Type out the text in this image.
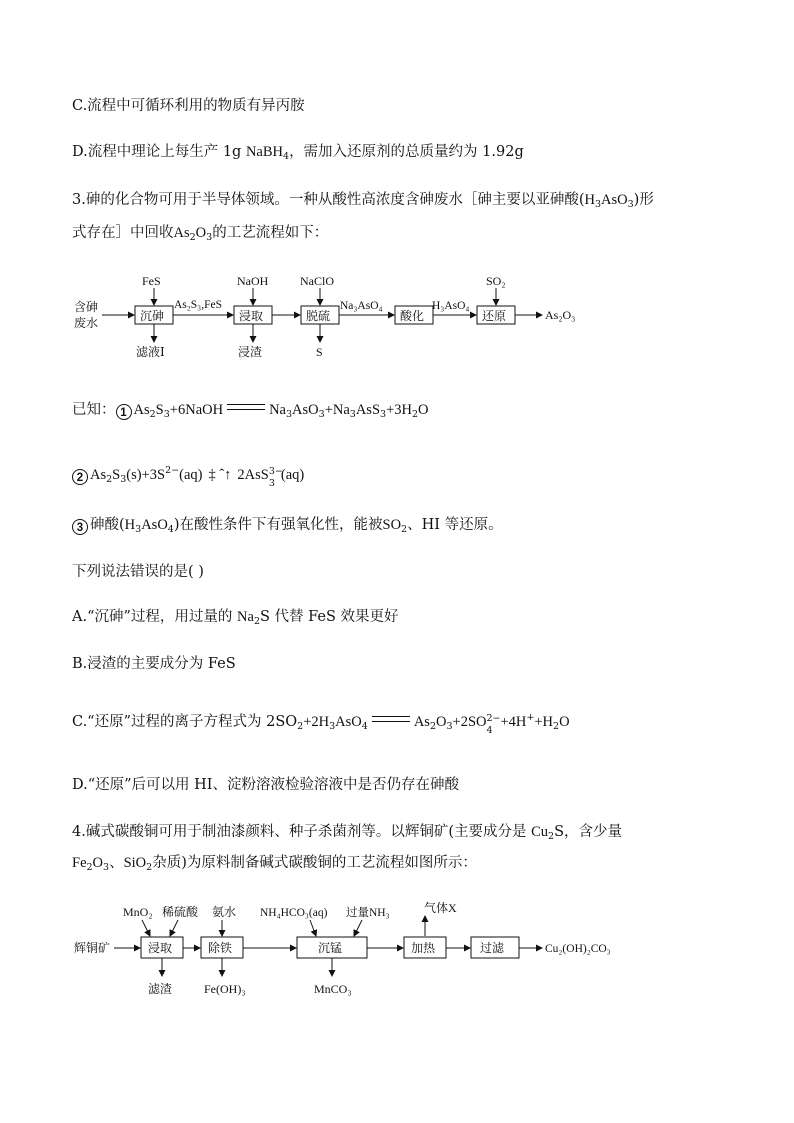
C.流程中可循环利用的物质有异丙胺

D.流程中理论上每生产 1g NaBH$_4$，需加入还原剂的总质量约为 1.92g

3.砷的化合物可用于半导体领域。一种从酸性高浓度含砷废水［砷主要以亚砷酸$(H_3AsO_3)$形

式存在］中回收$As_2O_3$的工艺流程如下：

含砷
废水	沉砷
FeS
滤液Ⅰ
As₂S₃,FeS
浸取
NaOH
浸渣
脱硫
NaClO
S
Na₃AsO₄
酸化
H₃AsO₄
还原
SO₂
As₂O₃

已知： 1 $As_2S_3+6NaOH$	$Na_3AsO_3+Na_3AsS_3+3H_2O$

2 $As_2S_3(s)+3S^{2-}(aq)$ ‡ ˆ↑ 2AsS 3−
3
(aq)

3 砷酸$(H_3AsO_4)$在酸性条件下有强氧化性，能被$SO_2$、HI 等还原。

下列说法错误的是( )

A.“沉砷”过程，用过量的 $Na_2S$ 代替 FeS 效果更好

B.浸渣的主要成分为 FeS

C.“还原”过程的离子方程式为 $2SO_2+2H_3AsO_4$	$As_2O_3+2SO$ 2−
4
$+4H^++H_2O$

D.“还原”后可以用 HI、淀粉溶液检验溶液中是否仍存在砷酸

4.碱式碳酸铜可用于制油漆颜料、种子杀菌剂等。以辉铜矿(主要成分是 $Cu_2S$，含少量

$Fe_2O_3$、SiO$_2$杂质)为原料制备碱式碳酸铜的工艺流程如图所示：

辉铜矿	浸取
MnO₂ 稀硫酸
滤渣
除铁
氨水
Fe(OH)₃
沉锰
NH₄HCO₃(aq) 过量NH₃
MnCO₃
加热
气体X
过滤	Cu₂(OH)₂CO₃
